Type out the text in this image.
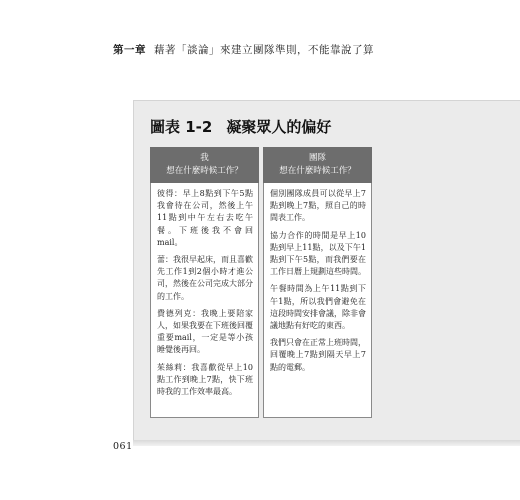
第一章 藉著「談論」來建立團隊準則，不能靠說了算
圖表 1-2 凝聚眾人的偏好
我
想在什麼時候工作？

彼得：早上8點到下午5點我會待在公司，然後上午11點到中午左右去吃午餐。下班後我不會回mail。

蕾：我很早起床，而且喜歡先工作1到2個小時才進公司，然後在公司完成大部分的工作。

費德列克：我晚上要陪家人，如果我要在下班後回覆重要mail，一定是等小孩睡覺後再回。

茱絲莉：我喜歡從早上10點工作到晚上7點，快下班時我的工作效率最高。

團隊
想在什麼時候工作？

個別團隊成員可以從早上7點到晚上7點，照自己的時間表工作。

協力合作的時間是早上10點到早上11點，以及下午1點到下午5點，而我們要在工作日曆上規劃這些時間。

午餐時間為上午11點到下午1點，所以我們會避免在這段時間安排會議，除非會議地點有好吃的東西。

我們只會在正常上班時間，回覆晚上7點到隔天早上7點的電郵。

061
